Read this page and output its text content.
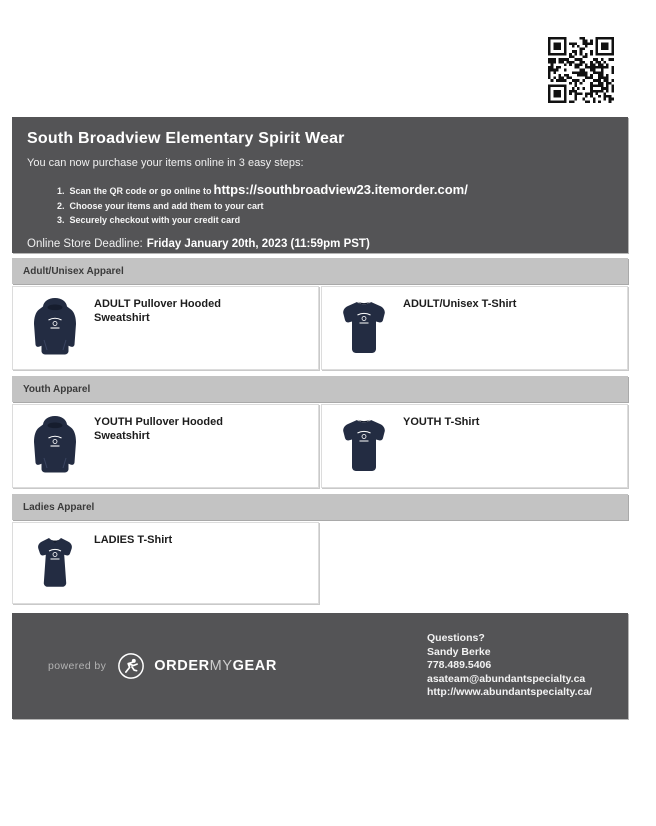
South Broadview Elementary Spirit Wear

You can now purchase your items online in 3 easy steps:

1. Scan the QR code or go online to https://southbroadview23.itemorder.com/
2. Choose your items and add them to your cart
3. Securely checkout with your credit card

Online Store Deadline: Friday January 20th, 2023 (11:59pm PST)

Adult/Unisex Apparel
ADULT Pullover Hooded Sweatshirt
ADULT/Unisex T-Shirt
Youth Apparel
YOUTH Pullover Hooded Sweatshirt
YOUTH T-Shirt
Ladies Apparel
LADIES T-Shirt
powered by	ORDERMYGEAR
Questions?
Sandy Berke
778.489.5406
asateam@abundantspecialty.ca
http://www.abundantspecialty.ca/
